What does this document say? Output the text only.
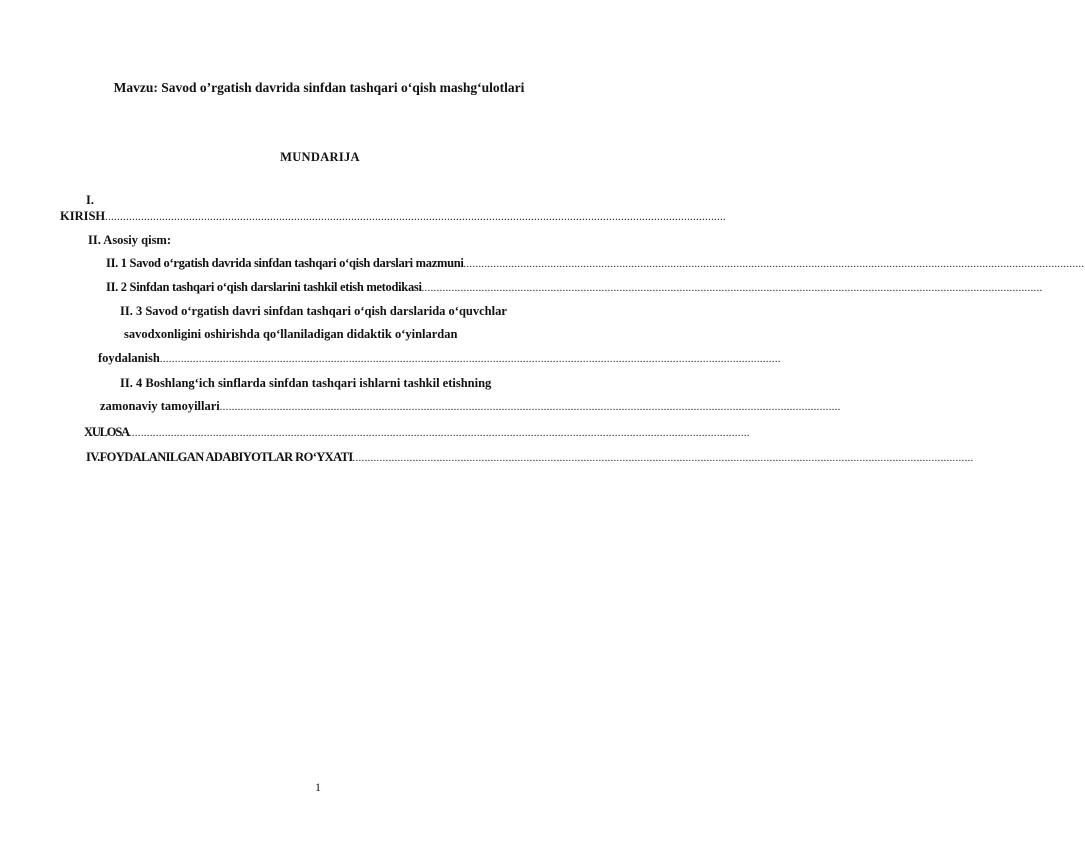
Mavzu: Savod o’rgatish davrida sinfdan tashqari o‘qish mashg‘ulotlari
MUNDARIJA
I.
KIRISH ...............................................................................................................................................................................................................
II. Asosiy qism:
II. 1 Savod o‘rgatish davrida sinfdan tashqari o‘qish darslari mazmuni ...............................................................................................................................................................................................................
II. 2 Sinfdan tashqari o‘qish darslarini tashkil etish metodikasi ...............................................................................................................................................................................................................
II. 3 Savod o‘rgatish davri sinfdan tashqari o‘qish darslarida o‘quvchlar
savodxonligini oshirishda qo‘llaniladigan didaktik o‘yinlardan
foydalanish ...............................................................................................................................................................................................................
II. 4 Boshlang‘ich sinflarda sinfdan tashqari ishlarni tashkil etishning
zamonaviy tamoyillari ...............................................................................................................................................................................................................
XULOSA ...............................................................................................................................................................................................................
IV.FOYDALANILGAN ADABIYOTLAR RO‘YXATI ...............................................................................................................................................................................................................
1
